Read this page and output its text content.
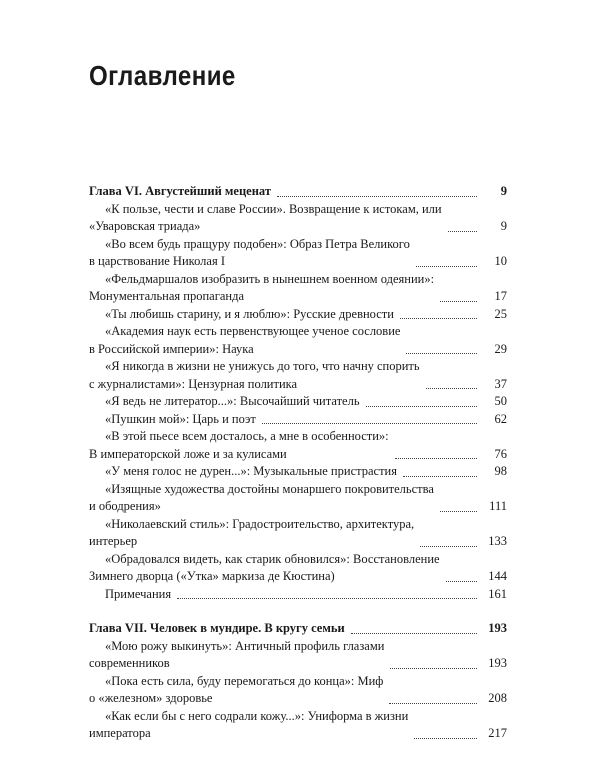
Оглавление
Глава VI. Августейший меценат	9
«К пользе, чести и славе России». Возвращение к истокам, или
«Уваровская триада»	9
«Во всем будь пращуру подобен»: Образ Петра Великого
в царствование Николая I	10
«Фельдмаршалов изобразить в нынешнем военном одеянии»:
Монументальная пропаганда	17
«Ты любишь старину, и я люблю»: Русские древности	25
«Академия наук есть первенствующее ученое сословие
в Российской империи»: Наука	29
«Я никогда в жизни не унижусь до того, что начну спорить
с журналистами»: Цензурная политика	37
«Я ведь не литератор...»: Высочайший читатель	50
«Пушкин мой»: Царь и поэт	62
«В этой пьесе всем досталось, а мне в особенности»:
В императорской ложе и за кулисами	76
«У меня голос не дурен...»: Музыкальные пристрастия	98
«Изящные художества достойны монаршего покровительства
и ободрения»	111
«Николаевский стиль»: Градостроительство, архитектура,
интерьер	133
«Обрадовался видеть, как старик обновился»: Восстановление
Зимнего дворца («Утка» маркиза де Кюстина)	144
Примечания	161
Глава VII. Человек в мундире. В кругу семьи	193
«Мою рожу выкинуть»: Античный профиль глазами
современников	193
«Пока есть сила, буду перемогаться до конца»: Миф
о «железном» здоровье	208
«Как если бы с него содрали кожу...»: Униформа в жизни
императора	217
